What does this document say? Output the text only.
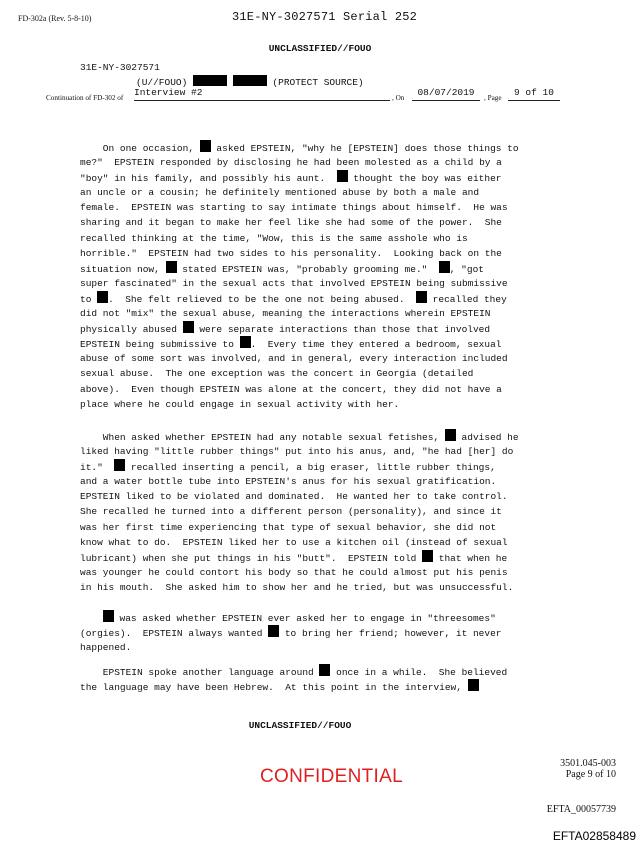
FD-302a (Rev. 5-8-10)	31E-NY-3027571 Serial 252
UNCLASSIFIED//FOUO
31E-NY-3027571
(U//FOUO)	(PROTECT SOURCE)
Continuation of FD-302 of Interview #2	, On	08/07/2019	, Page	9 of 10
On one occasion,  asked EPSTEIN, "why he [EPSTEIN] does those things to
me?"  EPSTEIN responded by disclosing he had been molested as a child by a
"boy" in his family, and possibly his aunt.   thought the boy was either
an uncle or a cousin; he definitely mentioned abuse by both a male and
female.  EPSTEIN was starting to say intimate things about himself.  He was
sharing and it began to make her feel like she had some of the power.  She
recalled thinking at the time, "Wow, this is the same asshole who is
horrible."  EPSTEIN had two sides to his personality.  Looking back on the
situation now,  stated EPSTEIN was, "probably grooming me."  , "got
super fascinated" in the sexual acts that involved EPSTEIN being submissive
to .  She felt relieved to be the one not being abused.   recalled they
did not "mix" the sexual abuse, meaning the interactions wherein EPSTEIN
physically abused  were separate interactions than those that involved
EPSTEIN being submissive to .  Every time they entered a bedroom, sexual
abuse of some sort was involved, and in general, every interaction included
sexual abuse.  The one exception was the concert in Georgia (detailed
above).  Even though EPSTEIN was alone at the concert, they did not have a
place where he could engage in sexual activity with her.
When asked whether EPSTEIN had any notable sexual fetishes,  advised he
liked having "little rubber things" put into his anus, and, "he had [her] do
it."   recalled inserting a pencil, a big eraser, little rubber things,
and a water bottle tube into EPSTEIN's anus for his sexual gratification.
EPSTEIN liked to be violated and dominated.  He wanted her to take control.
She recalled he turned into a different person (personality), and since it
was her first time experiencing that type of sexual behavior, she did not
know what to do.  EPSTEIN liked her to use a kitchen oil (instead of sexual
lubricant) when she put things in his "butt".  EPSTEIN told  that when he
was younger he could contort his body so that he could almost put his penis
in his mouth.  She asked him to show her and he tried, but was unsuccessful.
was asked whether EPSTEIN ever asked her to engage in "threesomes"
(orgies).  EPSTEIN always wanted  to bring her friend; however, it never
happened.
EPSTEIN spoke another language around  once in a while.  She believed
the language may have been Hebrew.  At this point in the interview,
UNCLASSIFIED//FOUO
CONFIDENTIAL
3501.045-003
Page 9 of 10
EFTA_00057739
EFTA02858489
